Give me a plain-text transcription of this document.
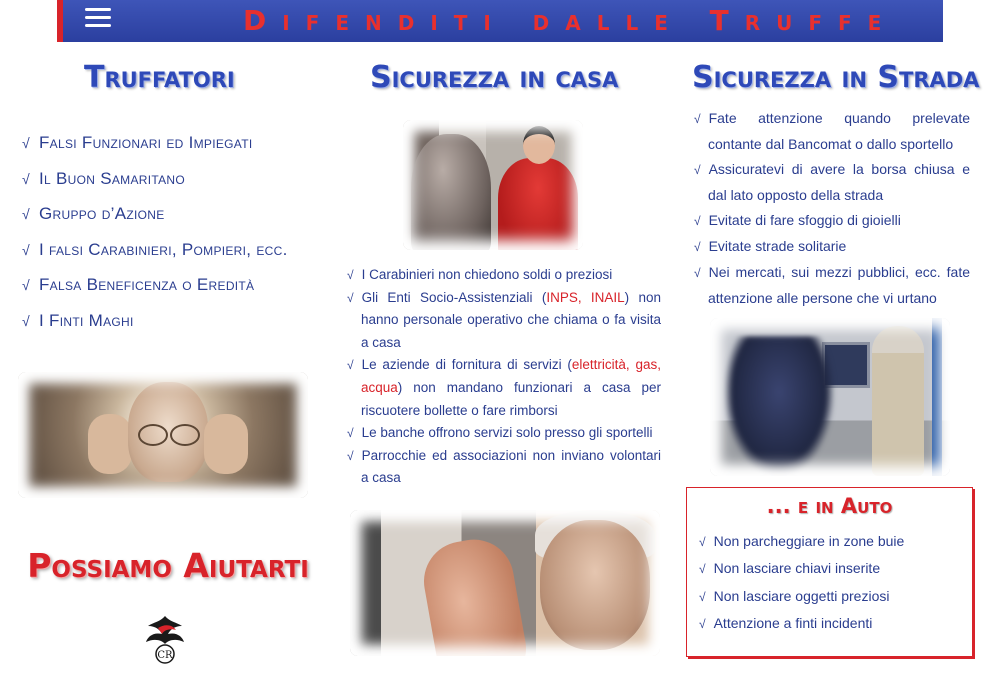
Difenditi dalle Truffe
Truffatori
√ Falsi Funzionari ed Impiegati
√ Il Buon Samaritano
√ Gruppo d’Azione
√ I falsi Carabinieri, Pompieri, ecc.
√ Falsa Beneficenza o Eredità
√ I Finti Maghi
Possiamo Aiutarti
CR
Sicurezza in casa
√ I Carabinieri non chiedono soldi o preziosi
√ Gli Enti Socio-Assistenziali (INPS, INAIL) non hanno personale operativo che chiama o fa visita a casa
√ Le aziende di fornitura di servizi (elettricità, gas, acqua) non mandano funzionari a casa per riscuotere bollette o fare rimborsi
√ Le banche offrono servizi solo presso gli sportelli
√ Parrocchie ed associazioni non inviano volontari a casa
Sicurezza in Strada
√ Fate attenzione quando prelevate contante dal Bancomat o dallo sportello
√ Assicuratevi di avere la borsa chiusa e dal lato opposto della strada
√ Evitate di fare sfoggio di gioielli
√ Evitate strade solitarie
√ Nei mercati, sui mezzi pubblici, ecc. fate attenzione alle persone che vi urtano
... e in Auto
√ Non parcheggiare in zone buie
√ Non lasciare chiavi inserite
√ Non lasciare oggetti preziosi
√ Attenzione a finti incidenti
